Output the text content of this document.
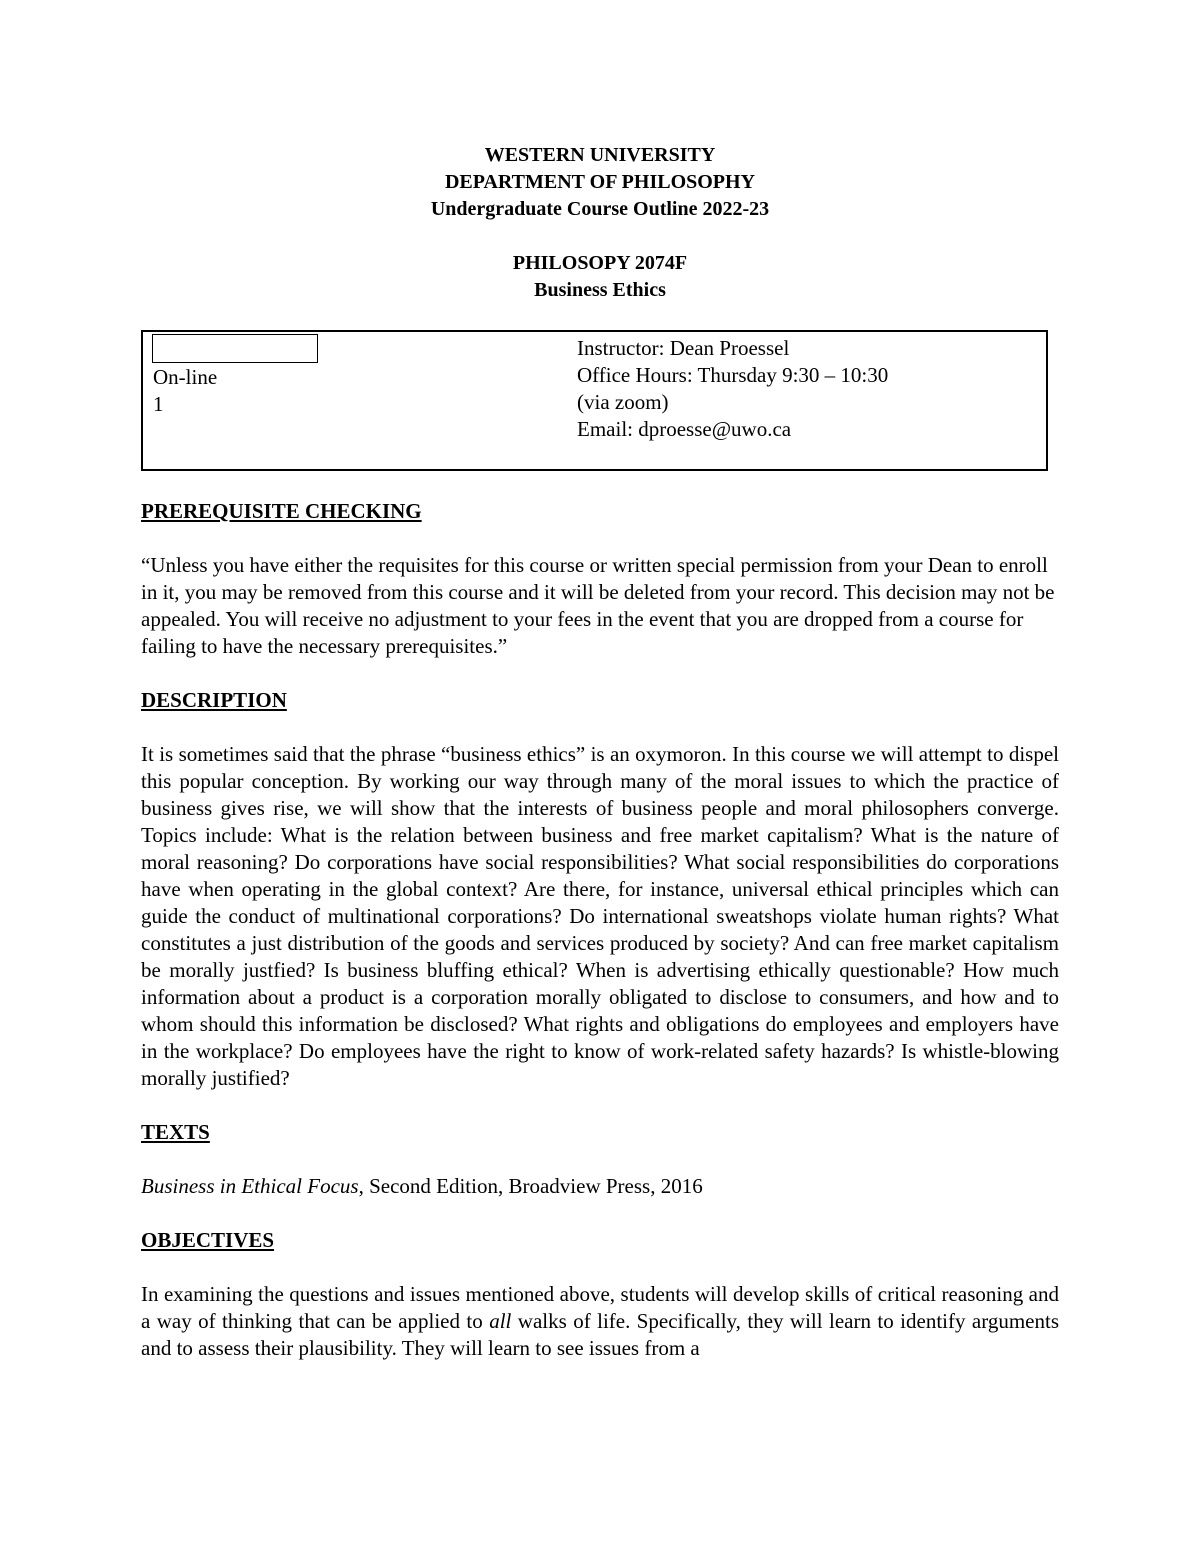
WESTERN UNIVERSITY
DEPARTMENT OF PHILOSOPHY
Undergraduate Course Outline 2022-23
PHILOSOPY 2074F
Business Ethics
On-line
1
Instructor: Dean Proessel
Office Hours: Thursday 9:30 – 10:30
(via zoom)
Email: dproesse@uwo.ca
PREREQUISITE CHECKING
“Unless you have either the requisites for this course or written special permission from your Dean to enroll in it, you may be removed from this course and it will be deleted from your record. This decision may not be appealed. You will receive no adjustment to your fees in the event that you are dropped from a course for failing to have the necessary prerequisites.”
DESCRIPTION
It is sometimes said that the phrase “business ethics” is an oxymoron. In this course we will attempt to dispel this popular conception. By working our way through many of the moral issues to which the practice of business gives rise, we will show that the interests of business people and moral philosophers converge. Topics include: What is the relation between business and free market capitalism? What is the nature of moral reasoning? Do corporations have social responsibilities? What social responsibilities do corporations have when operating in the global context? Are there, for instance, universal ethical principles which can guide the conduct of multinational corporations? Do international sweatshops violate human rights? What constitutes a just distribution of the goods and services produced by society? And can free market capitalism be morally justfied? Is business bluffing ethical? When is advertising ethically questionable? How much information about a product is a corporation morally obligated to disclose to consumers, and how and to whom should this information be disclosed? What rights and obligations do employees and employers have in the workplace? Do employees have the right to know of work-related safety hazards? Is whistle-blowing morally justified?
TEXTS
Business in Ethical Focus, Second Edition, Broadview Press, 2016
OBJECTIVES
In examining the questions and issues mentioned above, students will develop skills of critical reasoning and a way of thinking that can be applied to all walks of life. Specifically, they will learn to identify arguments and to assess their plausibility. They will learn to see issues from a
